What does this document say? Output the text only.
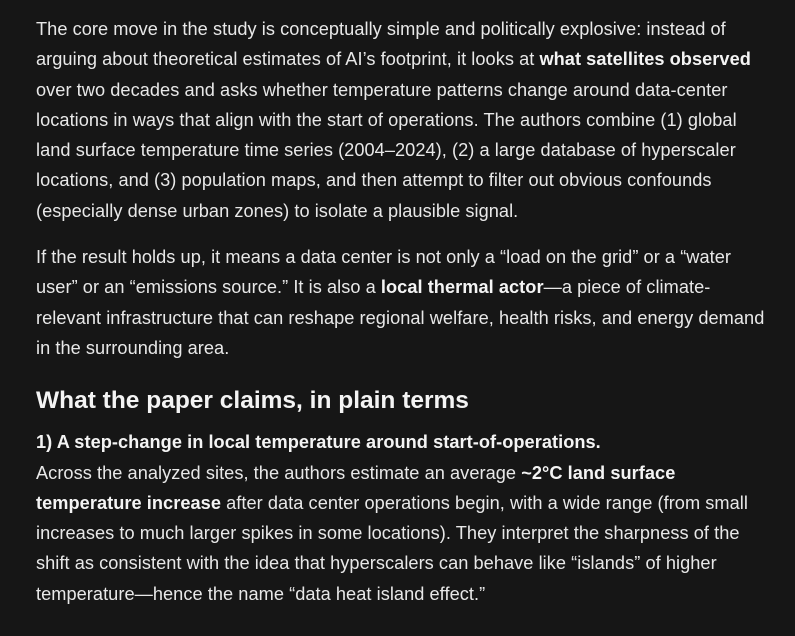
The core move in the study is conceptually simple and politically explosive: instead of arguing about theoretical estimates of AI’s footprint, it looks at what satellites observed over two decades and asks whether temperature patterns change around data-center locations in ways that align with the start of operations. The authors combine (1) global land surface temperature time series (2004–2024), (2) a large database of hyperscaler locations, and (3) population maps, and then attempt to filter out obvious confounds (especially dense urban zones) to isolate a plausible signal.

If the result holds up, it means a data center is not only a “load on the grid” or a “water user” or an “emissions source.” It is also a local thermal actor—a piece of climate-relevant infrastructure that can reshape regional welfare, health risks, and energy demand in the surrounding area.

What the paper claims, in plain terms

1) A step-change in local temperature around start-of-operations.
Across the analyzed sites, the authors estimate an average ~2°C land surface temperature increase after data center operations begin, with a wide range (from small increases to much larger spikes in some locations). They interpret the sharpness of the shift as consistent with the idea that hyperscalers can behave like “islands” of higher temperature—hence the name “data heat island effect.”
